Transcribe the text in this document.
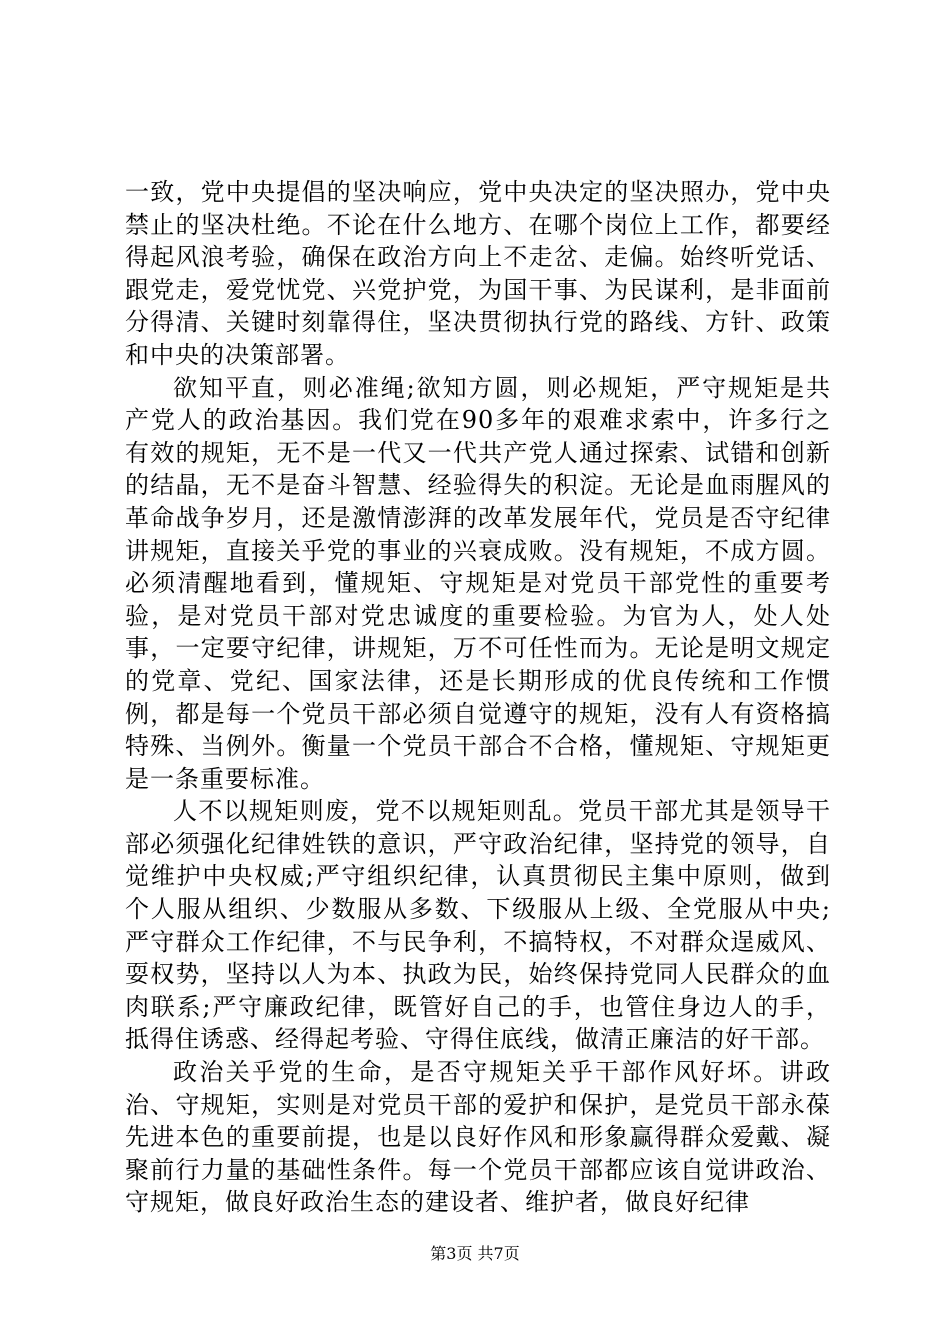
一致，党中央提倡的坚决响应，党中央决定的坚决照办，党中央禁止的坚决杜绝。不论在什么地方、在哪个岗位上工作，都要经得起风浪考验，确保在政治方向上不走岔、走偏。始终听党话、跟党走，爱党忧党、兴党护党，为国干事、为民谋利，是非面前分得清、关键时刻靠得住，坚决贯彻执行党的路线、方针、政策和中央的决策部署。

欲知平直，则必准绳;欲知方圆，则必规矩，严守规矩是共产党人的政治基因。我们党在90多年的艰难求索中，许多行之有效的规矩，无不是一代又一代共产党人通过探索、试错和创新的结晶，无不是奋斗智慧、经验得失的积淀。无论是血雨腥风的革命战争岁月，还是激情澎湃的改革发展年代，党员是否守纪律讲规矩，直接关乎党的事业的兴衰成败。没有规矩，不成方圆。必须清醒地看到，懂规矩、守规矩是对党员干部党性的重要考验，是对党员干部对党忠诚度的重要检验。为官为人，处人处事，一定要守纪律，讲规矩，万不可任性而为。无论是明文规定的党章、党纪、国家法律，还是长期形成的优良传统和工作惯例，都是每一个党员干部必须自觉遵守的规矩，没有人有资格搞特殊、当例外。衡量一个党员干部合不合格，懂规矩、守规矩更是一条重要标准。

人不以规矩则废，党不以规矩则乱。党员干部尤其是领导干部必须强化纪律姓铁的意识，严守政治纪律，坚持党的领导，自觉维护中央权威;严守组织纪律，认真贯彻民主集中原则，做到个人服从组织、少数服从多数、下级服从上级、全党服从中央;严守群众工作纪律，不与民争利，不搞特权，不对群众逞威风、耍权势，坚持以人为本、执政为民，始终保持党同人民群众的血肉联系;严守廉政纪律，既管好自己的手，也管住身边人的手，抵得住诱惑、经得起考验、守得住底线，做清正廉洁的好干部。

政治关乎党的生命，是否守规矩关乎干部作风好坏。讲政治、守规矩，实则是对党员干部的爱护和保护，是党员干部永葆先进本色的重要前提，也是以良好作风和形象赢得群众爱戴、凝聚前行力量的基础性条件。每一个党员干部都应该自觉讲政治、守规矩，做良好政治生态的建设者、维护者，做良好纪律

第3页 共7页
